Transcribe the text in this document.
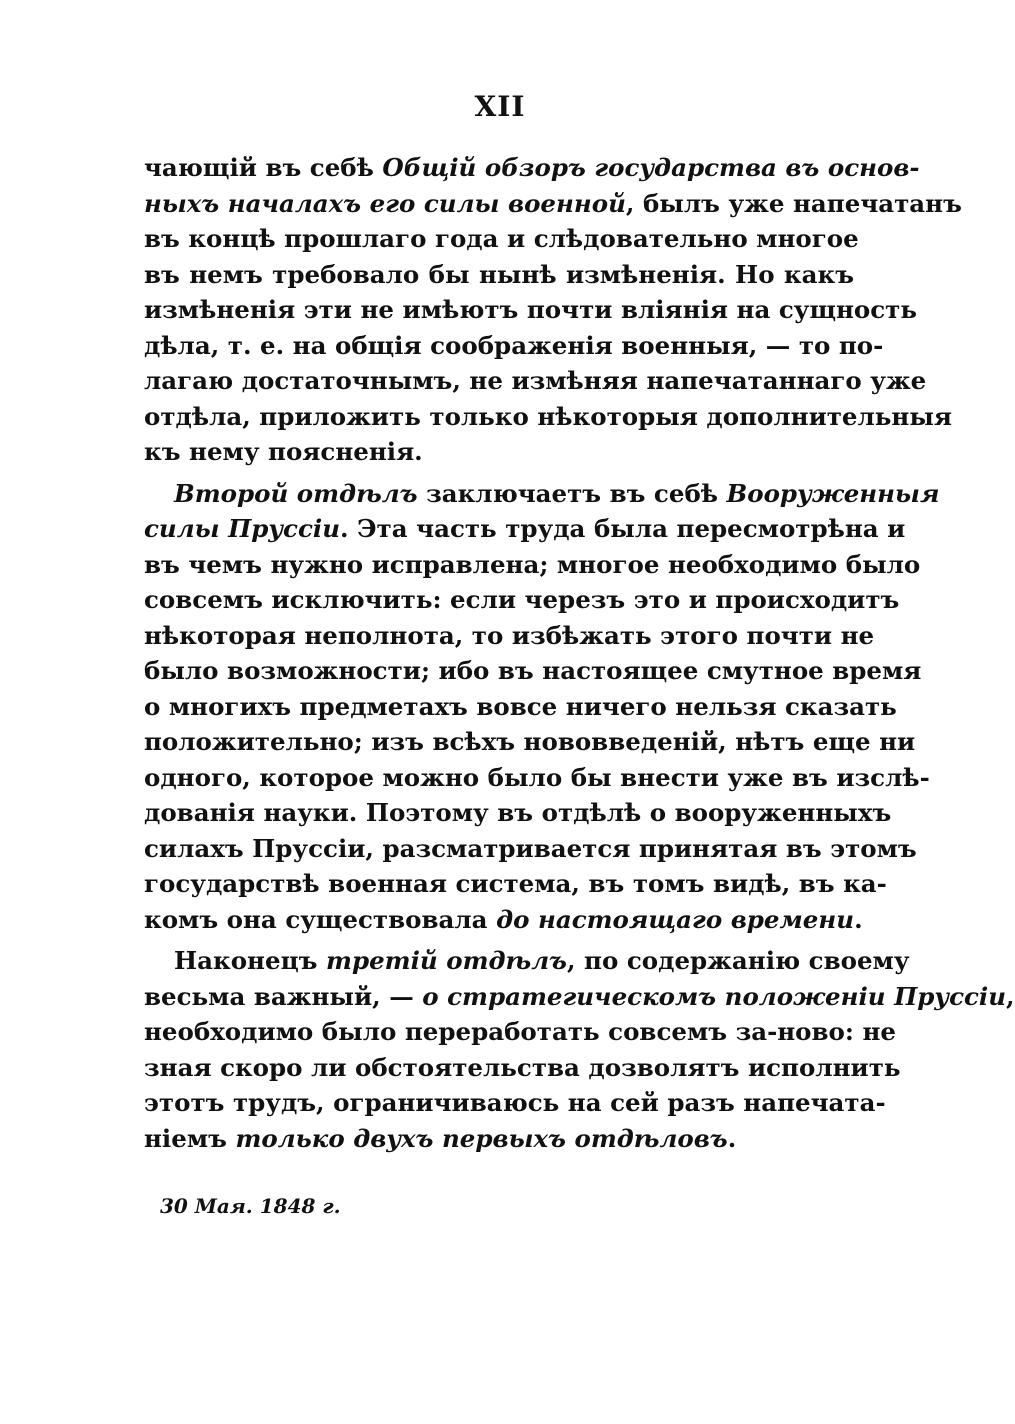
XII
чающій въ себѣ Общій обзоръ государства въ основ-
ныхъ началахъ его силы военной, былъ уже напечатанъ
въ концѣ прошлаго года и слѣдовательно многое
въ немъ требовало бы нынѣ измѣненія. Но какъ
измѣненія эти не имѣютъ почти вліянія на сущность
дѣла, т. е. на общія соображенія военныя, — то по-
лагаю достаточнымъ, не измѣняя напечатаннаго уже
отдѣла, приложить только нѣкоторыя дополнительныя
къ нему поясненія.
Второй отдѣлъ заключаетъ въ себѣ Вооруженныя
силы Пруссіи. Эта часть труда была пересмотрѣна и
въ чемъ нужно исправлена; многое необходимо было
совсемъ исключить: если черезъ это и происходитъ
нѣкоторая неполнота, то избѣжать этого почти не
было возможности; ибо въ настоящее смутное время
о многихъ предметахъ вовсе ничего нельзя сказать
положительно; изъ всѣхъ нововведеній, нѣтъ еще ни
одного, которое можно было бы внести уже въ изслѣ-
дованія науки. Поэтому въ отдѣлѣ о вооруженныхъ
силахъ Пруссіи, разсматривается принятая въ этомъ
государствѣ военная система, въ томъ видѣ, въ ка-
комъ она существовала до настоящаго времени.
Наконецъ третій отдѣлъ, по содержанію своему
весьма важный, — о стратегическомъ положеніи Пруссіи,
необходимо было переработать совсемъ за-ново: не
зная скоро ли обстоятельства дозволятъ исполнить
этотъ трудъ, ограничиваюсь на сей разъ напечата-
ніемъ только двухъ первыхъ отдѣловъ.
30 Мая. 1848 г.
